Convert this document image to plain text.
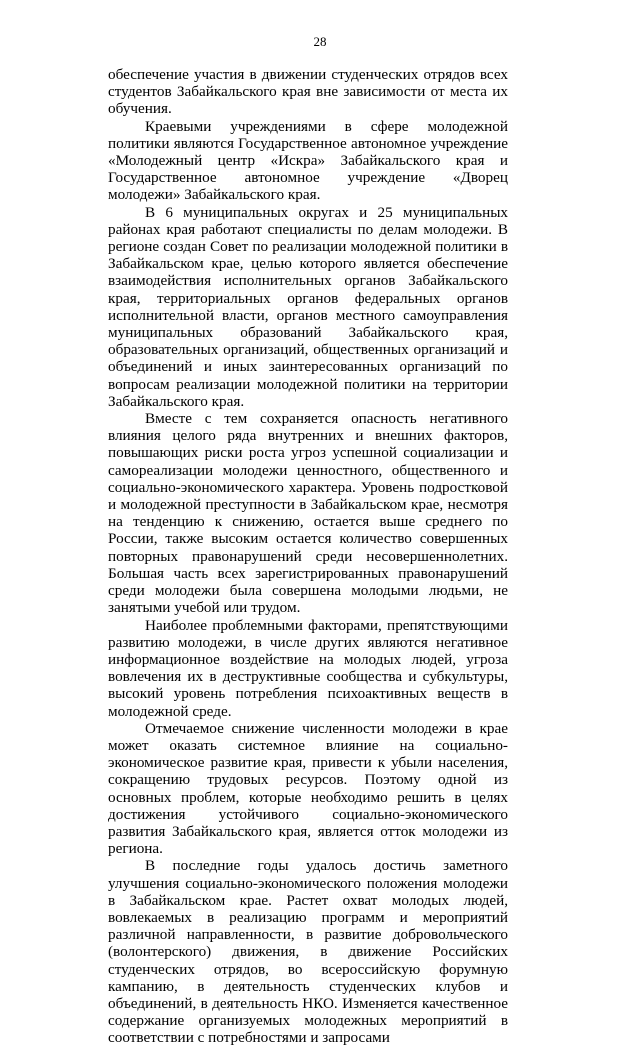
28

обеспечение участия в движении студенческих отрядов всех студентов Забайкальского края вне зависимости от места их обучения.

Краевыми учреждениями в сфере молодежной политики являются Государственное автономное учреждение «Молодежный центр «Искра» Забайкальского края и Государственное автономное учреждение «Дворец молодежи» Забайкальского края.

В 6 муниципальных округах и 25 муниципальных районах края работают специалисты по делам молодежи. В регионе создан Совет по реализации молодежной политики в Забайкальском крае, целью которого является обеспечение взаимодействия исполнительных органов Забайкальского края, территориальных органов федеральных органов исполнительной власти, органов местного самоуправления муниципальных образований Забайкальского края, образовательных организаций, общественных организаций и объединений и иных заинтересованных организаций по вопросам реализации молодежной политики на территории Забайкальского края.

Вместе с тем сохраняется опасность негативного влияния целого ряда внутренних и внешних факторов, повышающих риски роста угроз успешной социализации и самореализации молодежи ценностного, общественного и социально-экономического характера. Уровень подростковой и молодежной преступности в Забайкальском крае, несмотря на тенденцию к снижению, остается выше среднего по России, также высоким остается количество совершенных повторных правонарушений среди несовершеннолетних. Большая часть всех зарегистрированных правонарушений среди молодежи была совершена молодыми людьми, не занятыми учебой или трудом.

Наиболее проблемными факторами, препятствующими развитию молодежи, в числе других являются негативное информационное воздействие на молодых людей, угроза вовлечения их в деструктивные сообщества и субкультуры, высокий уровень потребления психоактивных веществ в молодежной среде.

Отмечаемое снижение численности молодежи в крае может оказать системное влияние на социально-экономическое развитие края, привести к убыли населения, сокращению трудовых ресурсов. Поэтому одной из основных проблем, которые необходимо решить в целях достижения устойчивого социально-экономического развития Забайкальского края, является отток молодежи из региона.

В последние годы удалось достичь заметного улучшения социально-экономического положения молодежи в Забайкальском крае. Растет охват молодых людей, вовлекаемых в реализацию программ и мероприятий различной направленности, в развитие добровольческого (волонтерского) движения, в движение Российских студенческих отрядов, во всероссийскую форумную кампанию, в деятельность студенческих клубов и объединений, в деятельность НКО. Изменяется качественное содержание организуемых молодежных мероприятий в соответствии с потребностями и запросами
